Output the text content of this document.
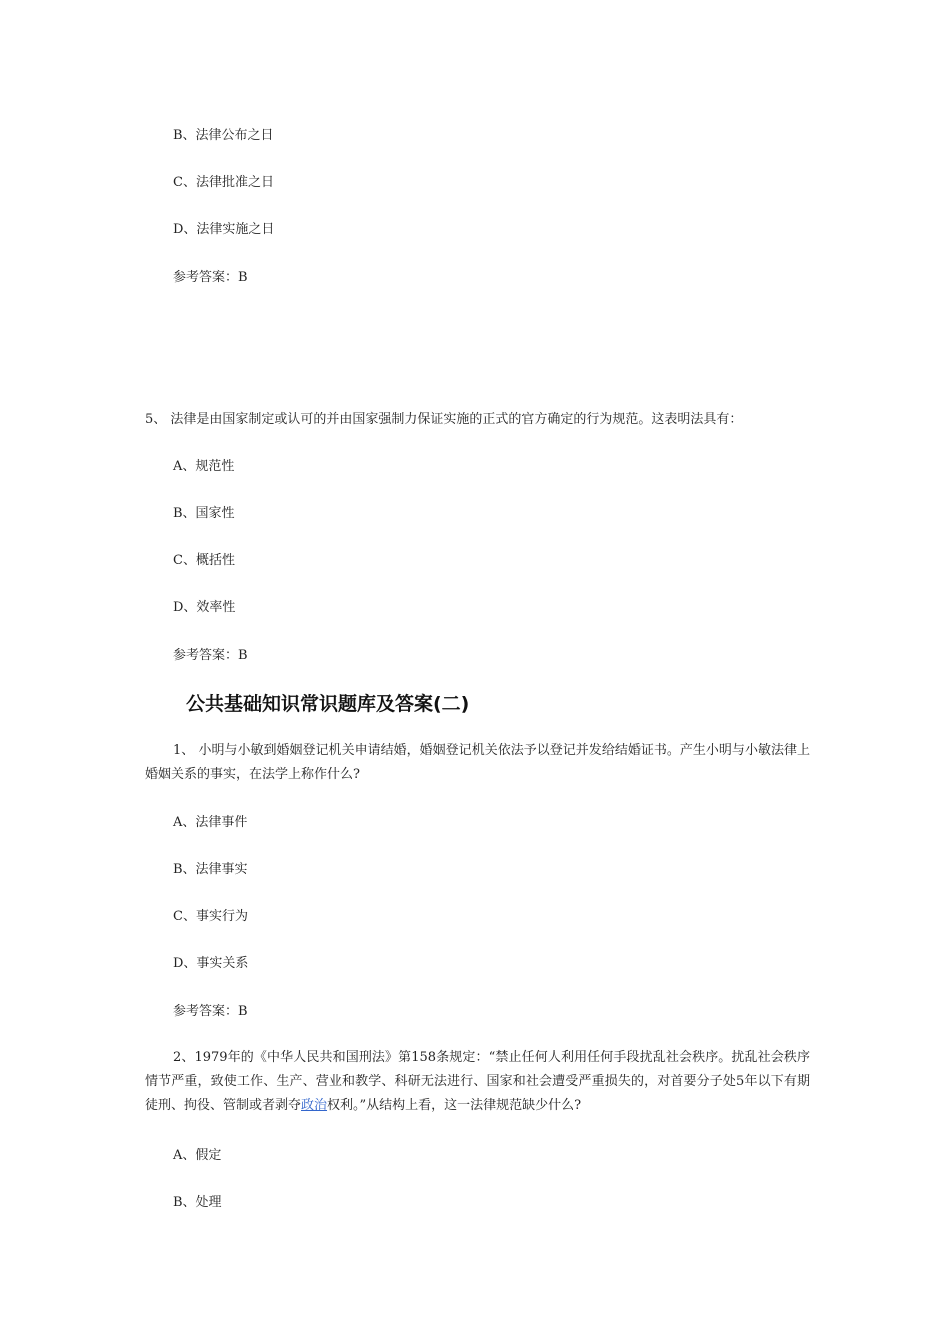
B、法律公布之日
C、法律批准之日
D、法律实施之日
参考答案：B
5、 法律是由国家制定或认可的并由国家强制力保证实施的正式的官方确定的行为规范。这表明法具有：
A、规范性
B、国家性
C、概括性
D、效率性
参考答案：B
公共基础知识常识题库及答案(二)
1、 小明与小敏到婚姻登记机关申请结婚，婚姻登记机关依法予以登记并发给结婚证书。产生小明与小敏法律上婚姻关系的事实，在法学上称作什么?
A、法律事件
B、法律事实
C、事实行为
D、事实关系
参考答案：B
2、1979年的《中华人民共和国刑法》第158条规定：“禁止任何人利用任何手段扰乱社会秩序。扰乱社会秩序情节严重，致使工作、生产、营业和教学、科研无法进行、国家和社会遭受严重损失的，对首要分子处5年以下有期徒刑、拘役、管制或者剥夺政治权利。”从结构上看，这一法律规范缺少什么?
A、假定
B、处理
